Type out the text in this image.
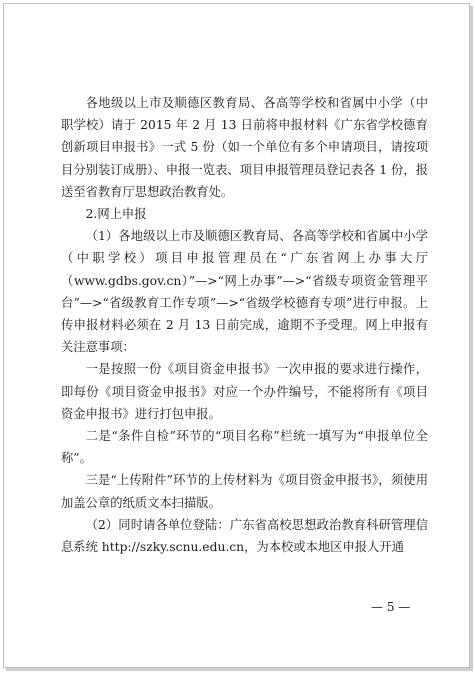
各地级以上市及顺德区教育局、各高等学校和省属中小学（中职学校）请于 2015 年 2 月 13 日前将申报材料《广东省学校德育创新项目申报书》一式 5 份（如一个单位有多个申请项目，请按项目分别装订成册）、申报一览表、项目申报管理员登记表各 1 份，报送至省教育厅思想政治教育处。

2.网上申报

（1）各地级以上市及顺德区教育局、各高等学校和省属中小学（中职学校）项目申报管理员在“广东省网上办事大厅（www.gdbs.gov.cn）”—>“网上办事”—>“省级专项资金管理平台”—>“省级教育工作专项”—>“省级学校德育专项”进行申报。上传申报材料必须在 2 月 13 日前完成，逾期不予受理。网上申报有关注意事项：

一是按照一份《项目资金申报书》一次申报的要求进行操作，即每份《项目资金申报书》对应一个办件编号，不能将所有《项目资金申报书》进行打包申报。

二是“条件自检”环节的“项目名称”栏统一填写为“申报单位全称”。

三是“上传附件”环节的上传材料为《项目资金申报书》，须使用加盖公章的纸质文本扫描版。

（2）同时请各单位登陆：广东省高校思想政治教育科研管理信息系统 http://szky.scnu.edu.cn，为本校或本地区申报人开通

— 5 —
